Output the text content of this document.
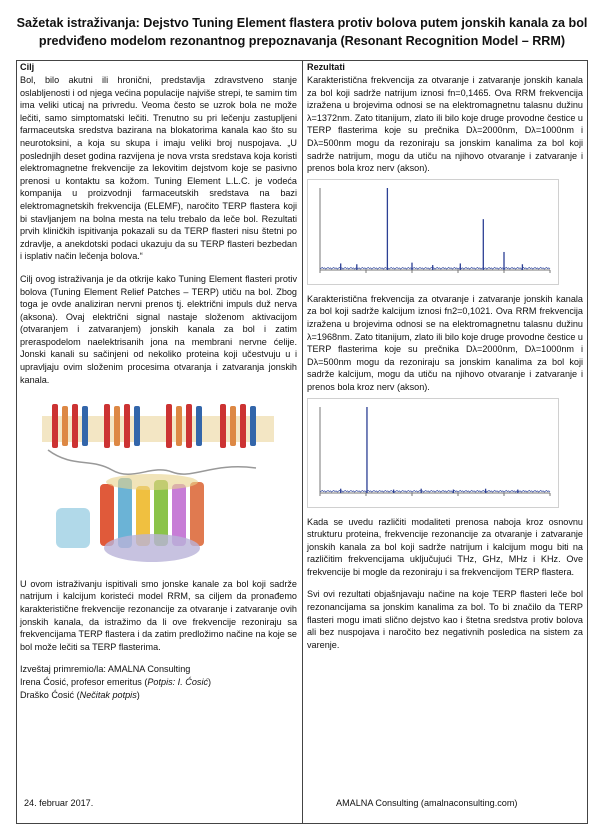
Sažetak istraživanja: Dejstvo Tuning Element flastera protiv bolova putem jonskih kanala za bol predviđeno modelom rezonantnog prepoznavanja (Resonant Recognition Model – RRM)
Cilj
Bol, bilo akutni ili hronični, predstavlja zdravstveno stanje oslabljenosti i od njega većina populacije najviše strepi, te samim tim ima veliki uticaj na privredu. Veoma često se uzrok bola ne može lečiti, samo simptomatski lečiti. Trenutno su pri lečenju zastupljeni farmaceutska sredstva bazirana na blokatorima kanala kao što su neurotoksini, a koja su skupa i imaju veliki broj nuspojava. „U poslednjih deset godina razvijena je nova vrsta sredstava koja koristi elektromagnetne frekvencije za lekovitim dejstvom koje se pasivno prenosi u kontaktu sa kožom. Tuning Element L.L.C. je vodeća kompanija u proizvodnji farmaceutskih sredstava na bazi elektromagnetskih frekvencija (ELEMF), naročito TERP flastera koji bi stavljanjem na bolna mesta na telu trebalo da leče bol. Rezultati prvih kliničkih ispitivanja pokazali su da TERP flasteri nisu štetni po zdravlje, a anekdotski podaci ukazuju da su TERP flasteri bezbedan i isplativ način lečenja bolova.“
Cilj ovog istraživanja je da otkrije kako Tuning Element flasteri protiv bolova (Tuning Element Relief Patches – TERP) utiču na bol. Zbog toga je ovde analiziran nervni prenos tj. električni impuls duž nerva (aksona). Ovaj električni signal nastaje složenom aktivacijom (otvaranjem i zatvaranjem) jonskih kanala za bol i zatim preraspodelom naelektrisanih jona na membrani nervne ćelije. Jonski kanali su sačinjeni od nekoliko proteina koji učestvuju u i upravljaju ovim složenim procesima otvaranja i zatvaranja jonskih kanala.
U ovom istraživanju ispitivali smo jonske kanale za bol koji sadrže natrijum i kalcijum koristeći model RRM, sa ciljem da pronađemo karakteristične frekvencije rezonancije za otvaranje i zatvaranje ovih jonskih kanala, da istražimo da li ove frekvencije rezoniraju sa frekvencijama TERP flastera i da zatim predložimo načine na koje se bol može lečiti sa TERP flasterima.
Izveštaj primremio/la: AMALNA Consulting
Irena Ćosić, profesor emeritus (Potpis: I. Ćosić)
Draško Ćosić (Nečitak potpis)
24. februar 2017.
Rezultati
Karakteristična frekvencija za otvaranje i zatvaranje jonskih kanala za bol koji sadrže natrijum iznosi fn=0,1465. Ova RRM frekvencija izražena u brojevima odnosi se na elektromagnetnu talasnu dužinu λ=1372nm. Zato titanijum, zlato ili bilo koje druge provodne čestice u TERP flasterima koje su prečnika Dλ=2000nm, Dλ=1000nm i Dλ=500nm mogu da rezoniraju sa jonskim kanalima za bol koji sadrže natrijum, mogu da utiču na njihovo otvaranje i zatvaranje i prenos bola kroz nerv (akson).
Karakteristična frekvencija za otvaranje i zatvaranje jonskih kanala za bol koji sadrže kalcijum iznosi fn2=0,1021. Ova RRM frekvencija izražena u brojevima odnosi se na elektromagnetnu talasnu dužinu λ=1968nm. Zato titanijum, zlato ili bilo koje druge provodne čestice u TERP flasterima koje su prečnika Dλ=2000nm, Dλ=1000nm i Dλ=500nm mogu da rezoniraju sa jonskim kanalima za bol koji sadrže kalcijum, mogu da utiču na njihovo otvaranje i zatvaranje i prenos bola kroz nerv (akson).
Kada se uvedu različiti modaliteti prenosa naboja kroz osnovnu strukturu proteina, frekvencije rezonancije za otvaranje i zatvaranje jonskih kanala za bol koji sadrže natrijum i kalcijum mogu biti na različitim frekvencijama uključujući THz, GHz, MHz i KHz. Ove frekvencije bi mogle da rezoniraju i sa frekvencijom TERP flastera.
Svi ovi rezultati objašnjavaju načine na koje TERP flasteri leče bol rezonancijama sa jonskim kanalima za bol. To bi značilo da TERP flasteri mogu imati slično dejstvo kao i štetna sredstva protiv bolova ali bez nuspojava i naročito bez negativnih posledica na sistem za varenje.
AMALNA Consulting (amalnaconsulting.com)
